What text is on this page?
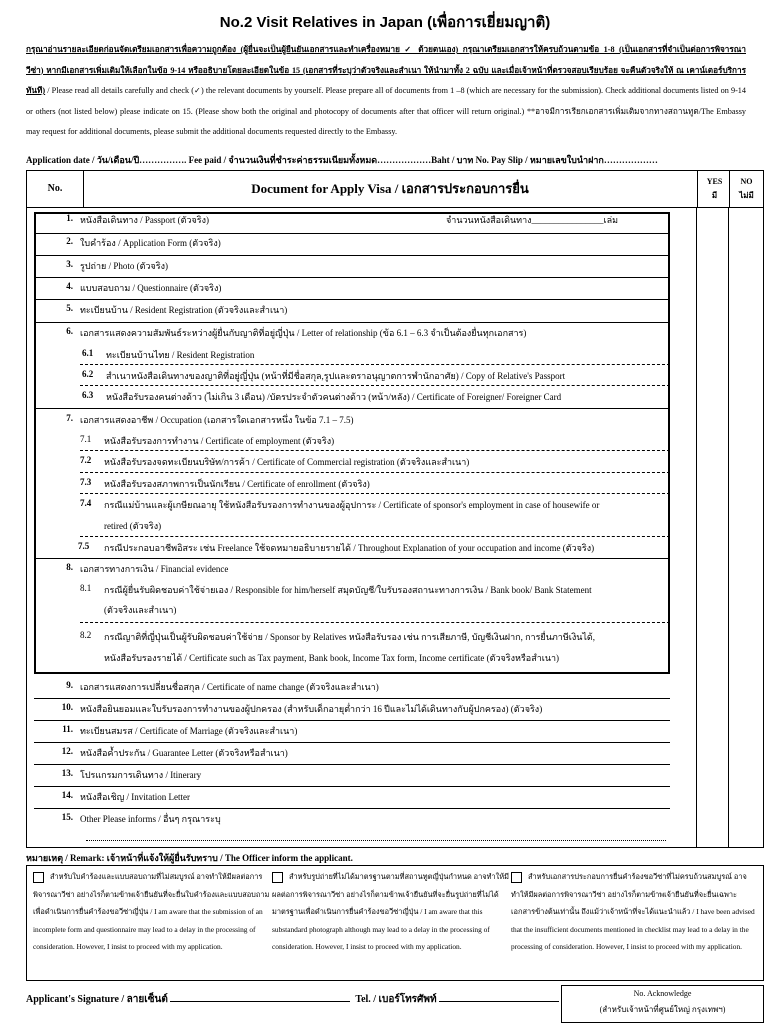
No.2 Visit Relatives in Japan (เพื่อการเยี่ยมญาติ)
กรุณาอ่านรายละเอียดก่อนจัดเตรียมเอกสารเพื่อความถูกต้อง (ผู้ยื่นจะเป็นผู้ยืนยันเอกสารและทำเครื่องหมาย ✓ ด้วยตนเอง) กรุณาเตรียมเอกสารให้ครบถ้วนตามข้อ 1-8 (เป็นเอกสารที่จำเป็นต่อการพิจารณาวีซ่า) หากมีเอกสารเพิ่มเติมให้เลือกในข้อ 9-14 หรืออธิบายโดยละเอียดในข้อ 15 (เอกสารที่ระบุว่าตัวจริงและสำเนา ให้นำมาทั้ง 2 ฉบับ และเมื่อเจ้าหน้าที่ตรวจสอบเรียบร้อย จะคืนตัวจริงให้ ณ เคาน์เตอร์บริการทันที) / Please read all details carefully and check (✓) the relevant documents by yourself. Please prepare all of documents from 1 –8 (which are necessary for the submission). Check additional documents listed on 9-14 or others (not listed below) please indicate on 15. (Please show both the original and photocopy of documents after that officer will return original.) **อาจมีการเรียกเอกสารเพิ่มเติมจากทางสถานทูต/The Embassy may request for additional documents, please submit the additional documents requested directly to the Embassy.
Application date / วัน/เดือน/ปี……………. Fee paid / จำนวนเงินที่ชำระค่าธรรมเนียมทั้งหมด………………Baht / บาท No. Pay Slip / หมายเลขใบนำฝาก………………
No.	Document for Apply Visa / เอกสารประกอบการยื่น	YES
มี
NO
ไม่มี
1. หนังสือเดินทาง / Passport (ตัวจริง)	จำนวนหนังสือเดินทาง________________เล่ม
2. ใบคำร้อง / Application Form (ตัวจริง)
3. รูปถ่าย / Photo (ตัวจริง)
4. แบบสอบถาม / Questionnaire (ตัวจริง)
5. ทะเบียนบ้าน / Resident Registration (ตัวจริงและสำเนา)
6. เอกสารแสดงความสัมพันธ์ระหว่างผู้ยื่นกับญาติที่อยู่ญี่ปุ่น / Letter of relationship (ข้อ 6.1 – 6.3 จำเป็นต้องยื่นทุกเอกสาร)
6.1 ทะเบียนบ้านไทย / Resident Registration
6.2 สำเนาหนังสือเดินทางของญาติที่อยู่ญี่ปุ่น (หน้าที่มีชื่อสกุล,รูปและตราอนุญาตการพำนักอาศัย) / Copy of Relative's Passport
6.3 หนังสือรับรองคนต่างด้าว (ไม่เกิน 3 เดือน) /บัตรประจำตัวคนต่างด้าว (หน้า/หลัง) / Certificate of Foreigner/ Foreigner Card
7. เอกสารแสดงอาชีพ / Occupation (เอกสารใดเอกสารหนึ่ง ในข้อ 7.1 – 7.5)
7.1 หนังสือรับรองการทำงาน / Certificate of employment (ตัวจริง)
7.2 หนังสือรับรองจดทะเบียนบริษัท/การค้า / Certificate of Commercial registration (ตัวจริงและสำเนา)
7.3 หนังสือรับรองสภาพการเป็นนักเรียน / Certificate of enrollment (ตัวจริง)
7.4 กรณีแม่บ้านและผู้เกษียณอายุ ใช้หนังสือรับรองการทำงานของผู้อุปการะ / Certificate of sponsor's employment in case of housewife or
retired (ตัวจริง)
7.5 กรณีประกอบอาชีพอิสระ เช่น Freelance ใช้จดหมายอธิบายรายได้ / Throughout Explanation of your occupation and income (ตัวจริง)
8. เอกสารทางการเงิน / Financial evidence
8.1 กรณีผู้ยื่นรับผิดชอบค่าใช้จ่ายเอง / Responsible for him/herself สมุดบัญชี/ใบรับรองสถานะทางการเงิน / Bank book/ Bank Statement
(ตัวจริงและสำเนา)
8.2 กรณีญาติที่ญี่ปุ่นเป็นผู้รับผิดชอบค่าใช้จ่าย / Sponsor by Relatives หนังสือรับรอง เช่น การเสียภาษี, บัญชีเงินฝาก, การยื่นภาษีเงินได้,
หนังสือรับรองรายได้ / Certificate such as Tax payment, Bank book, Income Tax form, Income certificate (ตัวจริงหรือสำเนา)
9. เอกสารแสดงการเปลี่ยนชื่อสกุล / Certificate of name change (ตัวจริงและสำเนา)
10. หนังสือยินยอมและใบรับรองการทำงานของผู้ปกครอง (สำหรับเด็กอายุต่ำกว่า 16 ปีและไม่ได้เดินทางกับผู้ปกครอง) (ตัวจริง)
11. ทะเบียนสมรส / Certificate of Marriage (ตัวจริงและสำเนา)
12. หนังสือค้ำประกัน / Guarantee Letter (ตัวจริงหรือสำเนา)
13. โปรแกรมการเดินทาง / Itinerary
14. หนังสือเชิญ / Invitation Letter
15. Other Please informs / อื่นๆ กรุณาระบุ
หมายเหตุ / Remark: เจ้าหน้าที่แจ้งให้ผู้ยื่นรับทราบ / The Officer inform the applicant.
สำหรับใบคำร้องและแบบสอบถามที่ไม่สมบูรณ์ อาจทำให้มีผลต่อการพิจารณาวีซ่า อย่างไรก็ตามข้าพเจ้ายืนยันที่จะยื่นใบคำร้องและแบบสอบถามเพื่อดำเนินการยื่นคำร้องขอวีซ่าญี่ปุ่น / I am aware that the submission of an incomplete form and questionnaire may lead to a delay in the processing of consideration. However, I insist to proceed with my application.
สำหรับรูปถ่ายที่ไม่ได้มาตรฐานตามที่สถานทูตญี่ปุ่นกำหนด อาจทำให้มีผลต่อการพิจารณาวีซ่า อย่างไรก็ตามข้าพเจ้ายืนยันที่จะยื่นรูปถ่ายที่ไม่ได้มาตรฐานเพื่อดำเนินการยื่นคำร้องขอวีซ่าญี่ปุ่น / I am aware that this substandard photograph although may lead to a delay in the processing of consideration. However, I insist to proceed with my application.
สำหรับเอกสารประกอบการยื่นคำร้องขอวีซ่าที่ไม่ครบถ้วนสมบูรณ์ อาจทำให้มีผลต่อการพิจารณาวีซ่า อย่างไรก็ตามข้าพเจ้ายืนยันที่จะยื่นเฉพาะเอกสารข้างต้นเท่านั้น ถึงแม้ว่าเจ้าหน้าที่จะได้แนะนำแล้ว / I have been advised that the insufficient documents mentioned in checklist may lead to a delay in the processing of consideration. However, I insist to proceed with my application.
Applicant's Signature / ลายเซ็นต์	Tel. / เบอร์โทรศัพท์
No. Acknowledge
(สำหรับเจ้าหน้าที่ศูนย์ใหญ่ กรุงเทพฯ)
